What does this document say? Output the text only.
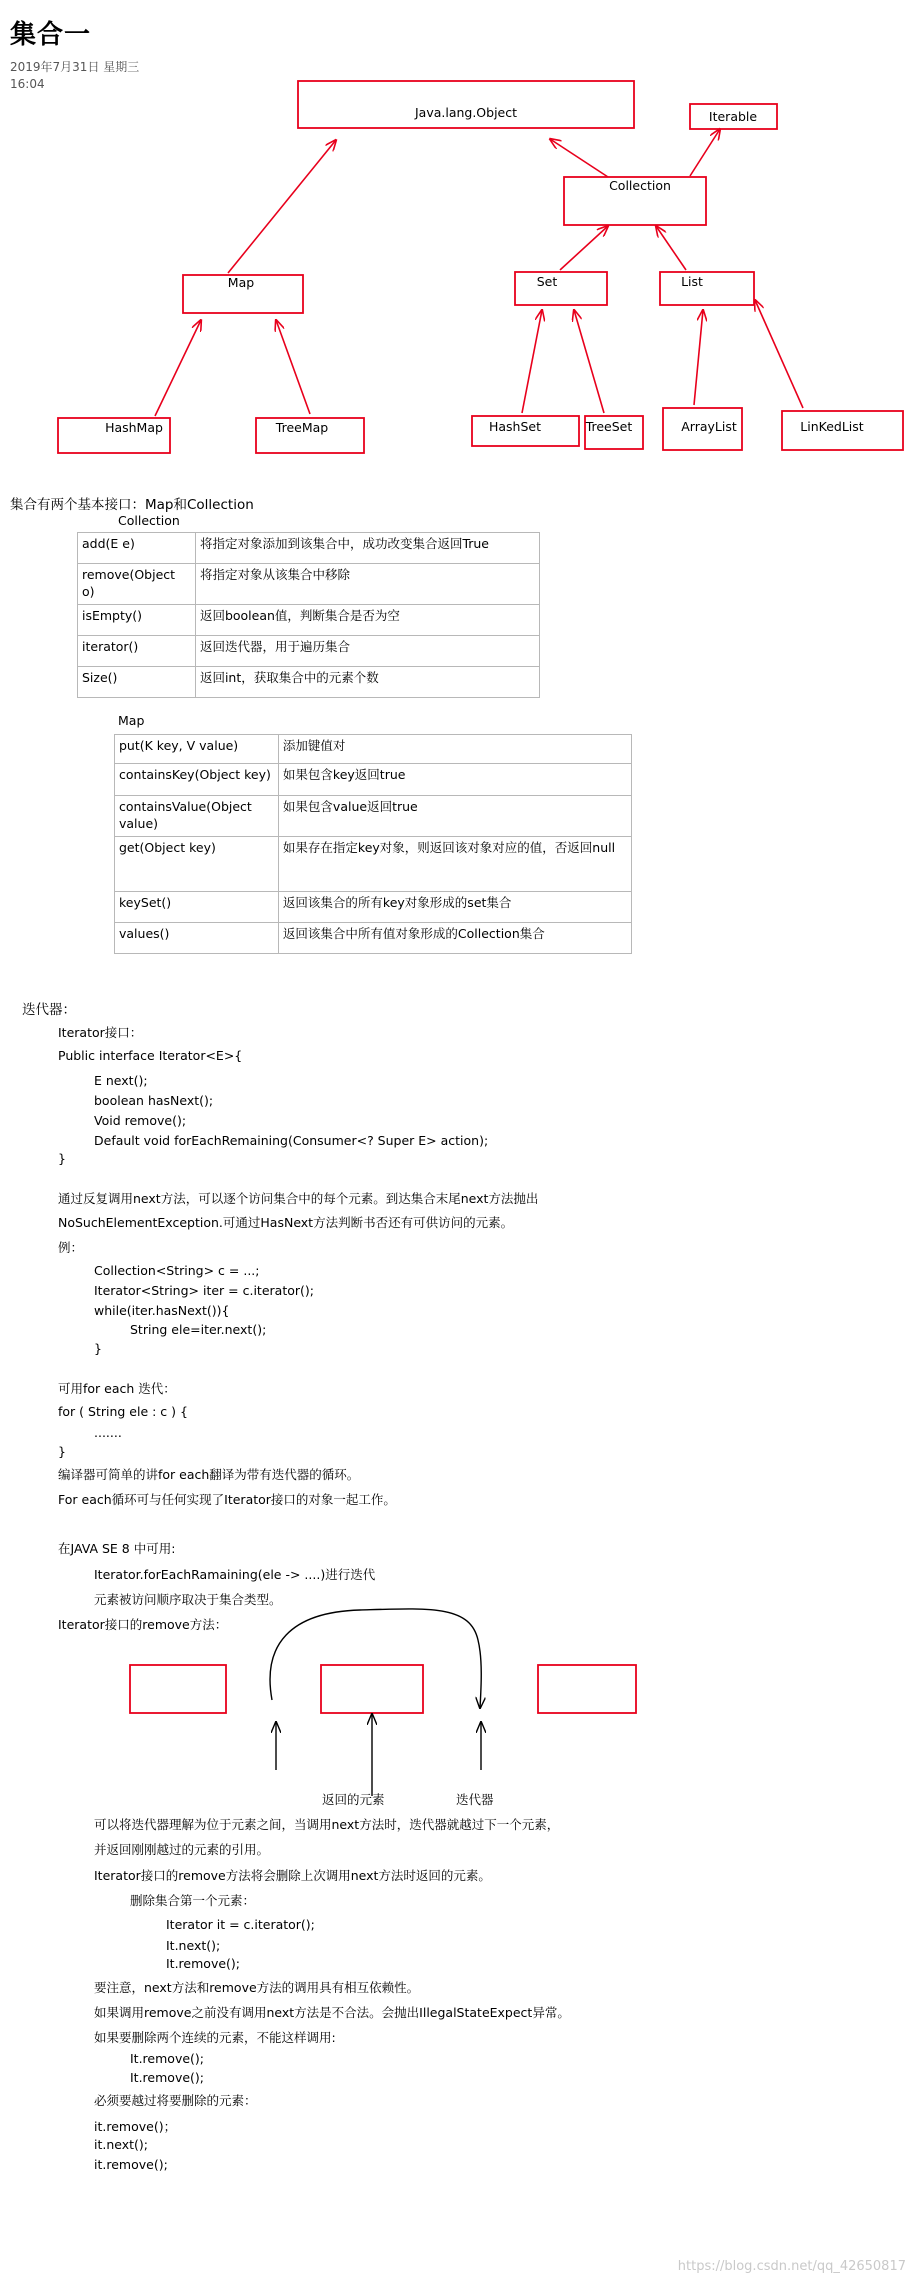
集合一
2019年7月31日 星期三
16:04
Java.lang.Object	Iterable
Collection
Map	Set	List
HashMap	TreeMap	HashSet	TreeSet	ArrayList	LinKedList
集合有两个基本接口：Map和Collection
Collection
add(E e)	将指定对象添加到该集合中，成功改变集合返回True
remove(Object o)	将指定对象从该集合中移除
isEmpty()	返回boolean值，判断集合是否为空
iterator()	返回迭代器，用于遍历集合
Size()	返回int，获取集合中的元素个数
Map
put(K key, V value)	添加键值对
containsKey(Object key)	如果包含key返回true
containsValue(Object value)	如果包含value返回true
get(Object key)	如果存在指定key对象，则返回该对象对应的值，否返回null
keySet()	返回该集合的所有key对象形成的set集合
values()	返回该集合中所有值对象形成的Collection集合
迭代器：
Iterator接口：
Public interface Iterator<E>{
E next();
boolean hasNext();
Void remove();
Default void forEachRemaining(Consumer<? Super E> action);
}
通过反复调用next方法，可以逐个访问集合中的每个元素。到达集合末尾next方法抛出
NoSuchElementException.可通过HasNext方法判断书否还有可供访问的元素。
例：
Collection<String> c = ...;
Iterator<String> iter = c.iterator();
while(iter.hasNext()){
String ele=iter.next();
}
可用for each 迭代：
for ( String ele : c ) {
.......
}
编译器可简单的讲for each翻译为带有迭代器的循环。
For each循环可与任何实现了Iterator接口的对象一起工作。
在JAVA SE 8 中可用:
Iterator.forEachRamaining(ele -> ....)进行迭代
元素被访问顺序取决于集合类型。
Iterator接口的remove方法：
返回的元素	迭代器
可以将迭代器理解为位于元素之间，当调用next方法时，迭代器就越过下一个元素，
并返回刚刚越过的元素的引用。
Iterator接口的remove方法将会删除上次调用next方法时返回的元素。
删除集合第一个元素：
Iterator it = c.iterator();
It.next();
It.remove();
要注意，next方法和remove方法的调用具有相互依赖性。
如果调用remove之前没有调用next方法是不合法。会抛出IllegalStateExpect异常。
如果要删除两个连续的元素，不能这样调用:
It.remove();
It.remove();
必须要越过将要删除的元素：
it.remove()；
it.next();
it.remove();
https://blog.csdn.net/qq_42650817
